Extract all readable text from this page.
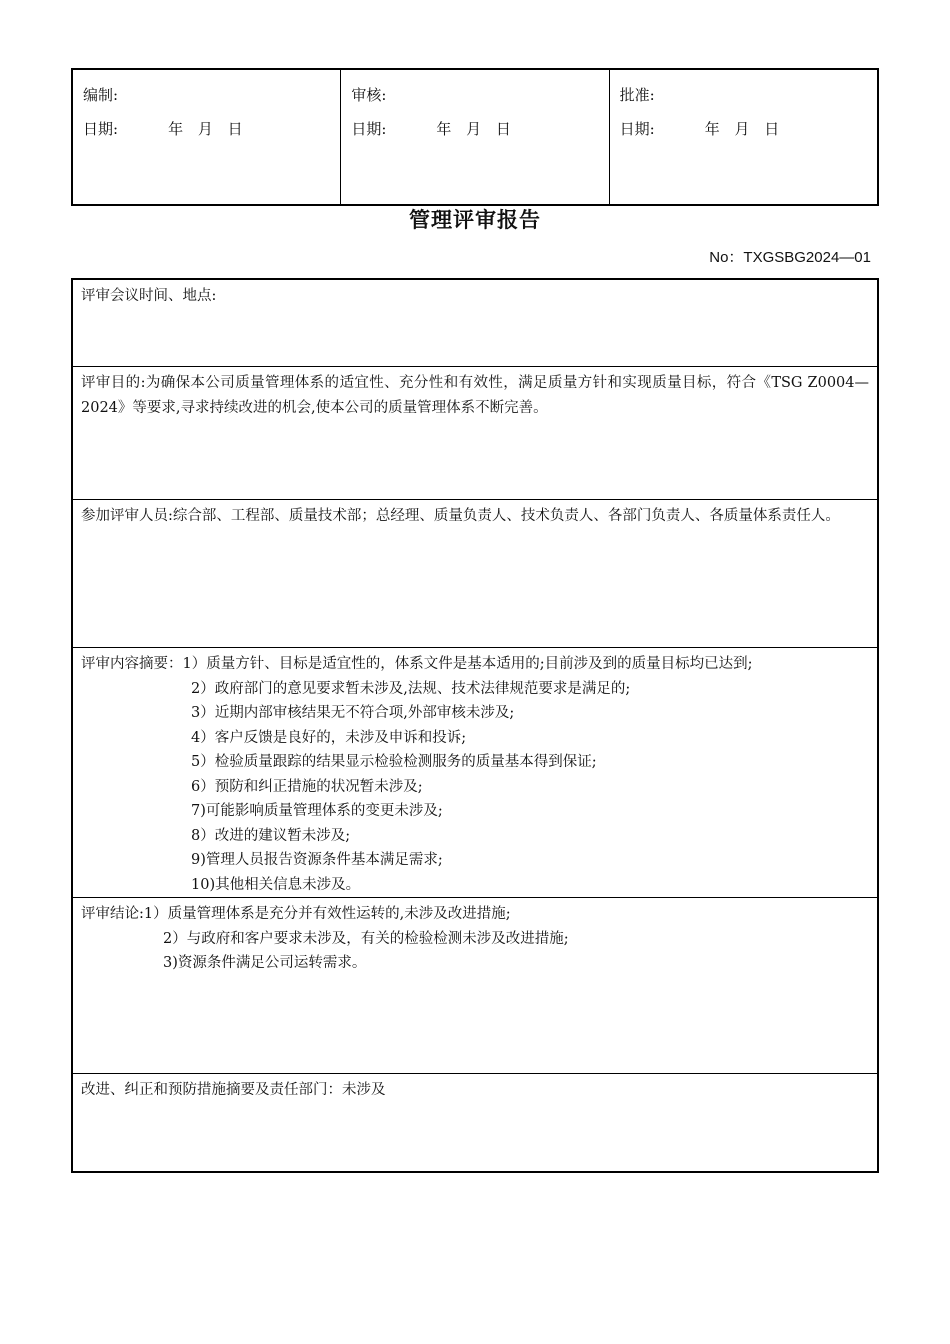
编制:
日期:	年 月 日
审核:
日期:	年 月 日
批准:
日期:	年 月 日
管理评审报告
No：TXGSBG2024—01
评审会议时间、地点:
评审目的:为确保本公司质量管理体系的适宜性、充分性和有效性，满足质量方针和实现质量目标，符合《TSG Z0004—2024》等要求,寻求持续改进的机会,使本公司的质量管理体系不断完善。
参加评审人员:综合部、工程部、质量技术部；总经理、质量负责人、技术负责人、各部门负责人、各质量体系责任人。
评审内容摘要：1）质量方针、目标是适宜性的，体系文件是基本适用的;目前涉及到的质量目标均已达到;
2）政府部门的意见要求暂未涉及,法规、技术法律规范要求是满足的;
3）近期内部审核结果无不符合项,外部审核未涉及;
4）客户反馈是良好的，未涉及申诉和投诉;
5）检验质量跟踪的结果显示检验检测服务的质量基本得到保证;
6）预防和纠正措施的状况暂未涉及;
7)可能影响质量管理体系的变更未涉及;
8）改进的建议暂未涉及;
9)管理人员报告资源条件基本满足需求;
10)其他相关信息未涉及。
评审结论:1）质量管理体系是充分并有效性运转的,未涉及改进措施;
2）与政府和客户要求未涉及，有关的检验检测未涉及改进措施;
3)资源条件满足公司运转需求。
改进、纠正和预防措施摘要及责任部门：未涉及
